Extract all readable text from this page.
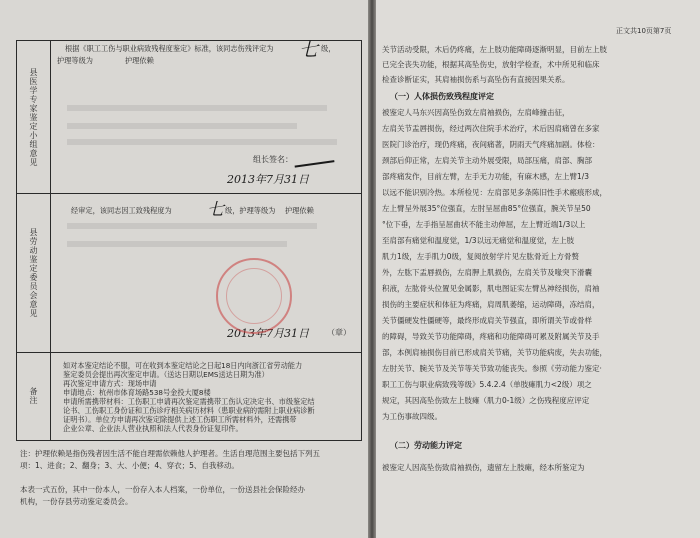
县医学专家鉴定小组意见
县劳动鉴定委员会意见
备注
根据《职工工伤与职业病致残程度鉴定》标准，该同志伤残评定为 七 级，
护理等级为	护理依赖
组长签名：
2013年7月31日
经审定，该同志因工致残程度为 七 级，护理等级为 护理依赖
2013年7月31日 （章）
如对本鉴定结论不服，可在收到本鉴定结论之日起18日内向浙江省劳动能力
鉴定委员会提出再次鉴定申请。（送达日期以EMS送达日期为准）
再次鉴定申请方式：现场申请
申请地点：杭州市体育场路538号金投大厦8楼
申请所需携带材料：工伤职工申请再次鉴定需携带工伤认定决定书、市级鉴定结
论书、工伤职工身份证和工伤诊疗相关病历材料（患职业病的需附上职业病诊断
证明书）。单位方申请再次鉴定除提供上述工伤职工所需材料外，还需携带
企业公章、企业法人营业执照和法人代表身份证复印件。
注：护理依赖是指伤残者因生活不能自理需依赖他人护理者。生活自理范围主要包括下列五
项：1、进食；2、翻身；3、大、小便；4、穿衣；5、自我移动。
本表一式五份，其中一份本人，一份存入本人档案，一份单位，一份送县社会保险经办
机构，一份存县劳动鉴定委员会。
正文共10页第7页
关节活动受限，木后仍疼痛，左上肢功能障碍逐渐明显，目前左上肢
已完全丧失功能，根据其高坠伤史，放射学检查，术中所见和临床
检查诊断证实，其肩袖损伤系与高坠伤有直接因果关系。
（一）人体损伤致残程度评定
被鉴定人马东兴因高坠伤致左肩袖损伤，左肩峰撞击征，
左肩关节盂唇损伤，经过两次住院手术治疗，术后因肩痛曾在多家
医院门诊治疗，现仍疼痛，夜间痛著，阴雨天气疼痛加剧。体检：
颈部后仰正常，左肩关节主动外展受限，局部压痛，肩部、胸部
部疼痛发作，目前左臂，左手无力功能，有麻木感，左上臂1/3
以远不能识别冷热。本所检见：左肩部见多条陈旧性手术瘢痕形成，
左上臂呈外展35°位强直，左肘呈屈曲85°位强直，腕关节呈50
°位下垂，左手指呈屈曲状不能主动伸屈，左上臂近端1/3以上
至肩部有痛觉和温度觉，1/3以远无痛觉和温度觉，左上肢
肌力1级，左手肌力0级，复阅放射学片见左肱骨近上方骨赘
外，左肱下盂唇损伤，左肩胛上肌损伤，左肩关节及喙突下滑囊
积液，左肱骨头位置见金属影，肌电图证实左臂丛神经损伤，肩袖
损伤的主要症状和体征为疼痛，肩周肌萎缩，运动障碍，冻结肩，
关节僵硬发性僵硬等，最终形成肩关节强直，即所谓关节或骨样
的障碍，导致关节功能障碍，疼痛和功能障碍可累及附属关节及手
部，本例肩袖损伤目前已形成肩关节痛，关节功能病废，失去功能，
左肘关节、腕关节及关节等关节致功能丧失。参照《劳动能力鉴定·
职工工伤与职业病致残等级》5.4.2.4（单肢瘫肌力<2级）项之
规定，其因高坠伤致左上肢瘫（肌力0-1级）之伤残程度应评定
为工伤事故四级。
（二）劳动能力评定
被鉴定人因高坠伤致肩袖损伤，遗留左上肢瘫，经本所鉴定为
